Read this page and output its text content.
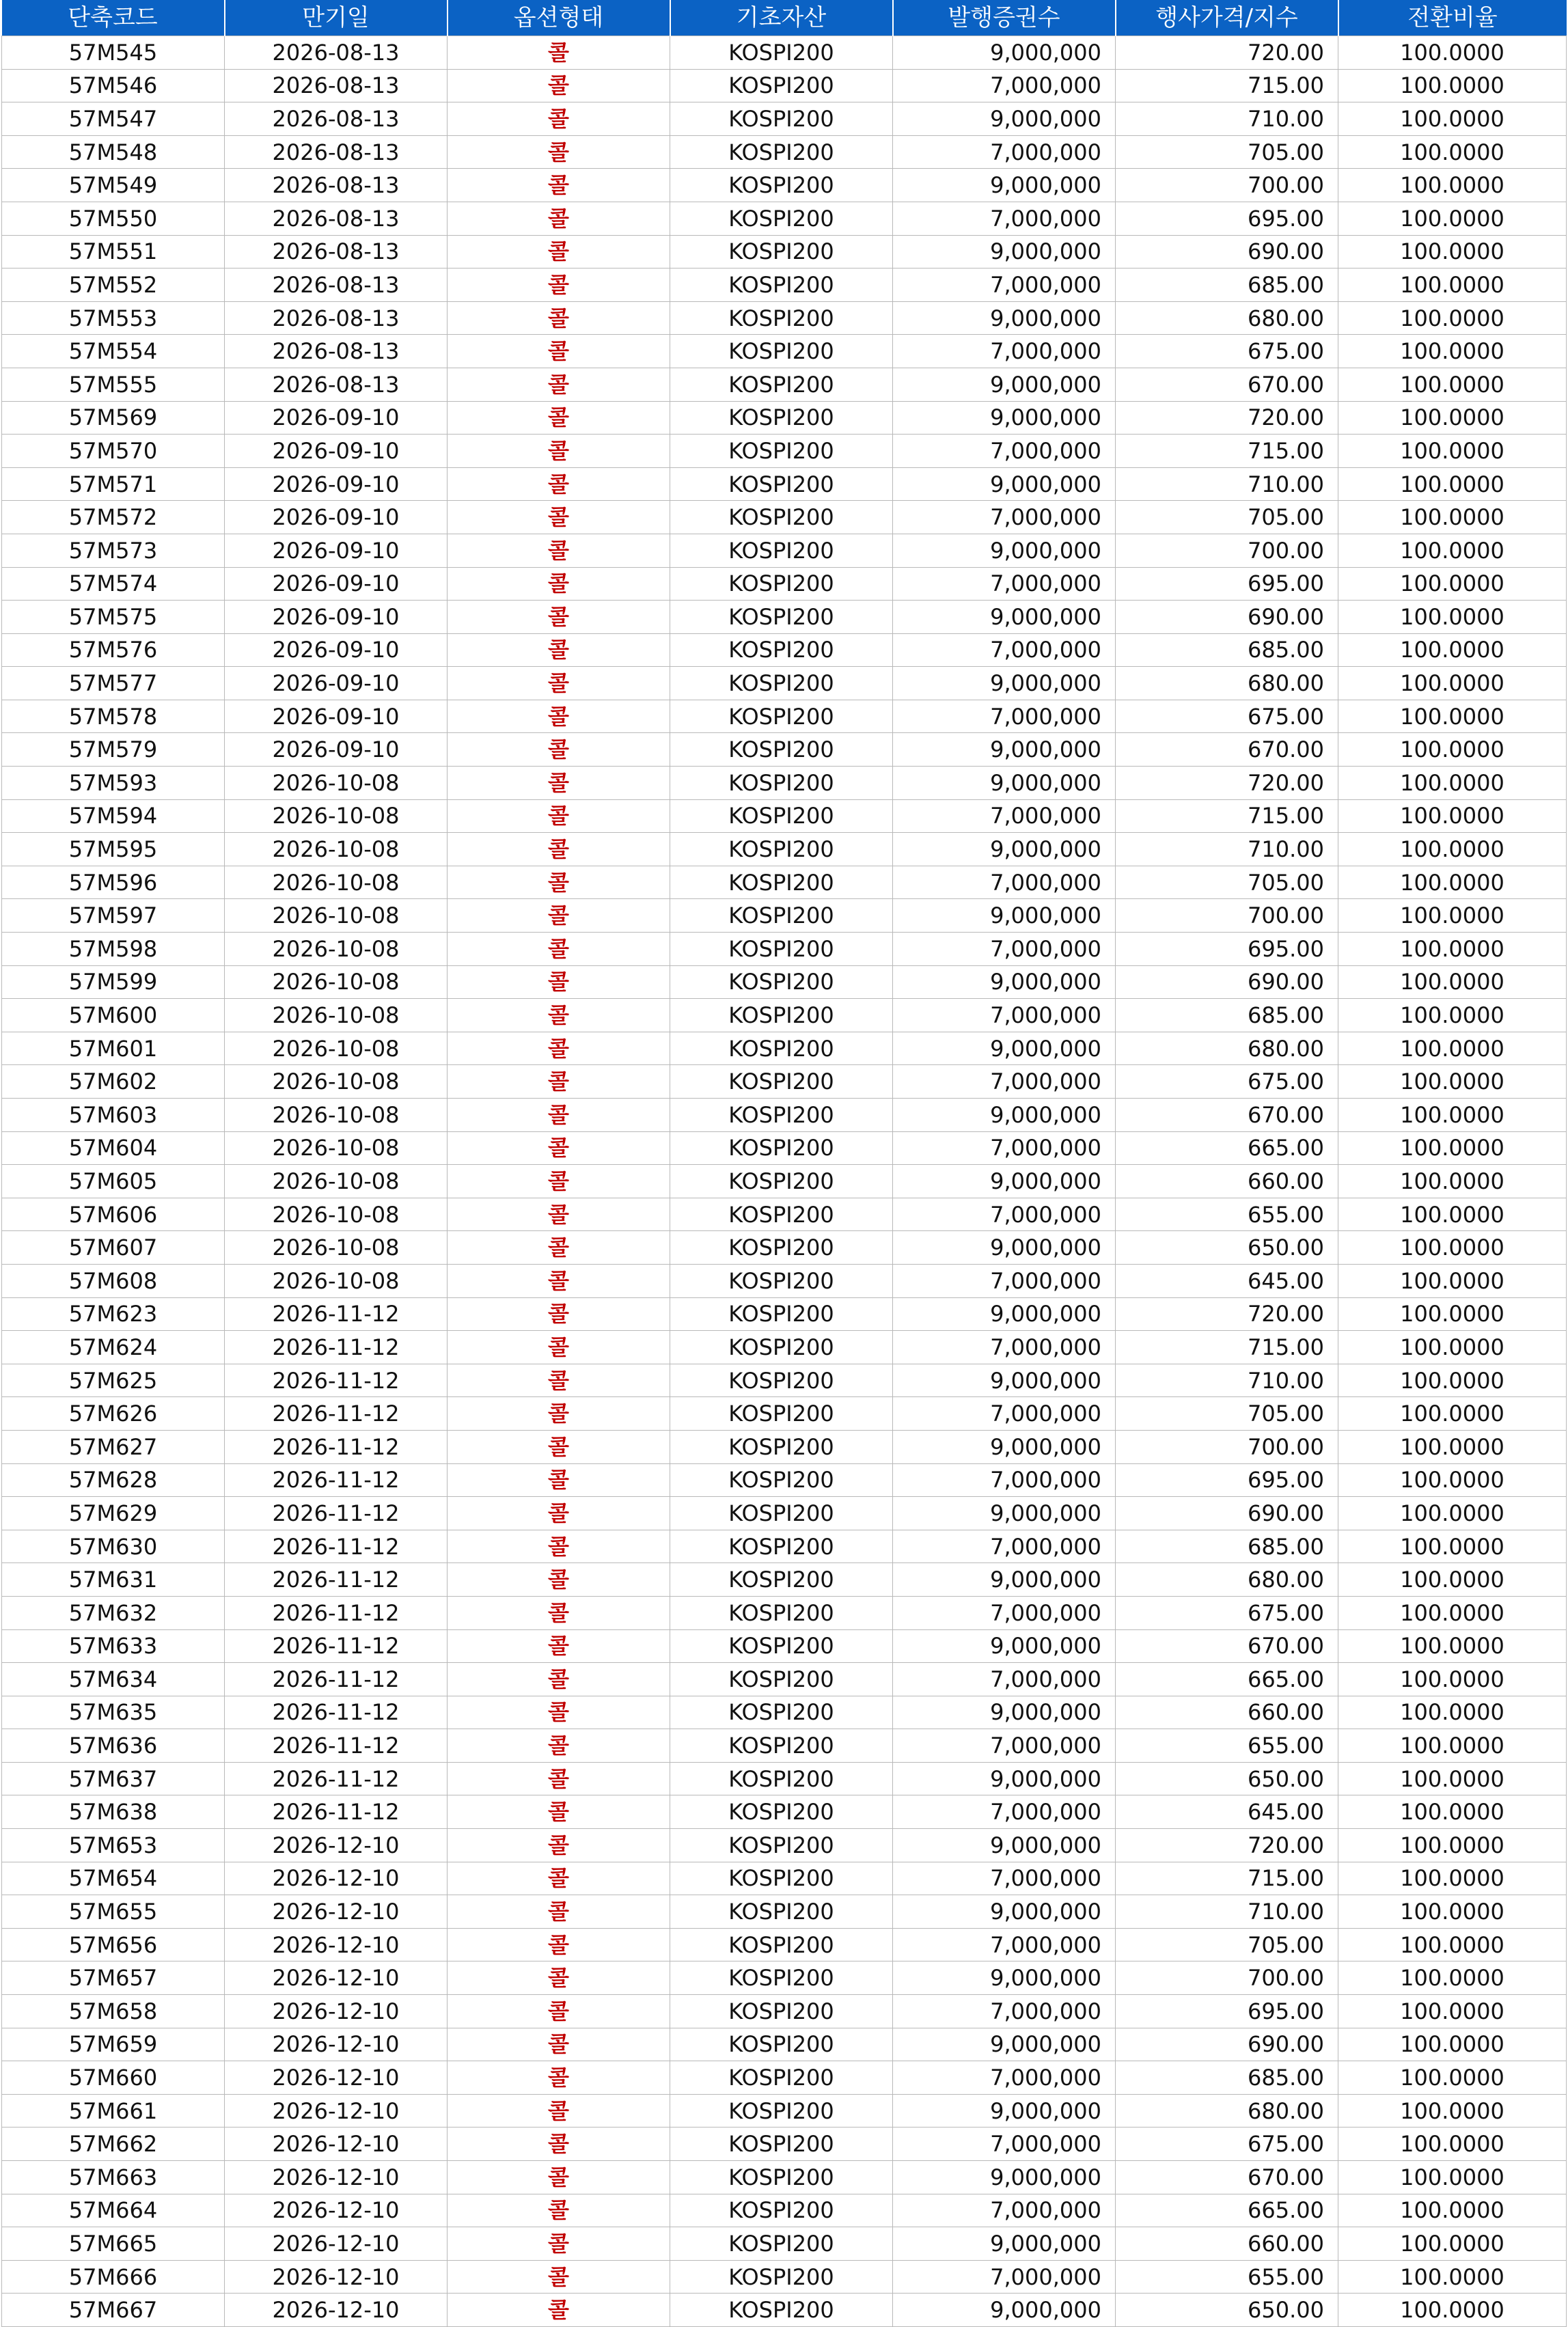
단축코드	만기일	옵션형태	기초자산	발행증권수	행사가격/지수	전환비율
57M545	2026-08-13	콜	KOSPI200	9,000,000	720.00	100.0000
57M546	2026-08-13	콜	KOSPI200	7,000,000	715.00	100.0000
57M547	2026-08-13	콜	KOSPI200	9,000,000	710.00	100.0000
57M548	2026-08-13	콜	KOSPI200	7,000,000	705.00	100.0000
57M549	2026-08-13	콜	KOSPI200	9,000,000	700.00	100.0000
57M550	2026-08-13	콜	KOSPI200	7,000,000	695.00	100.0000
57M551	2026-08-13	콜	KOSPI200	9,000,000	690.00	100.0000
57M552	2026-08-13	콜	KOSPI200	7,000,000	685.00	100.0000
57M553	2026-08-13	콜	KOSPI200	9,000,000	680.00	100.0000
57M554	2026-08-13	콜	KOSPI200	7,000,000	675.00	100.0000
57M555	2026-08-13	콜	KOSPI200	9,000,000	670.00	100.0000
57M569	2026-09-10	콜	KOSPI200	9,000,000	720.00	100.0000
57M570	2026-09-10	콜	KOSPI200	7,000,000	715.00	100.0000
57M571	2026-09-10	콜	KOSPI200	9,000,000	710.00	100.0000
57M572	2026-09-10	콜	KOSPI200	7,000,000	705.00	100.0000
57M573	2026-09-10	콜	KOSPI200	9,000,000	700.00	100.0000
57M574	2026-09-10	콜	KOSPI200	7,000,000	695.00	100.0000
57M575	2026-09-10	콜	KOSPI200	9,000,000	690.00	100.0000
57M576	2026-09-10	콜	KOSPI200	7,000,000	685.00	100.0000
57M577	2026-09-10	콜	KOSPI200	9,000,000	680.00	100.0000
57M578	2026-09-10	콜	KOSPI200	7,000,000	675.00	100.0000
57M579	2026-09-10	콜	KOSPI200	9,000,000	670.00	100.0000
57M593	2026-10-08	콜	KOSPI200	9,000,000	720.00	100.0000
57M594	2026-10-08	콜	KOSPI200	7,000,000	715.00	100.0000
57M595	2026-10-08	콜	KOSPI200	9,000,000	710.00	100.0000
57M596	2026-10-08	콜	KOSPI200	7,000,000	705.00	100.0000
57M597	2026-10-08	콜	KOSPI200	9,000,000	700.00	100.0000
57M598	2026-10-08	콜	KOSPI200	7,000,000	695.00	100.0000
57M599	2026-10-08	콜	KOSPI200	9,000,000	690.00	100.0000
57M600	2026-10-08	콜	KOSPI200	7,000,000	685.00	100.0000
57M601	2026-10-08	콜	KOSPI200	9,000,000	680.00	100.0000
57M602	2026-10-08	콜	KOSPI200	7,000,000	675.00	100.0000
57M603	2026-10-08	콜	KOSPI200	9,000,000	670.00	100.0000
57M604	2026-10-08	콜	KOSPI200	7,000,000	665.00	100.0000
57M605	2026-10-08	콜	KOSPI200	9,000,000	660.00	100.0000
57M606	2026-10-08	콜	KOSPI200	7,000,000	655.00	100.0000
57M607	2026-10-08	콜	KOSPI200	9,000,000	650.00	100.0000
57M608	2026-10-08	콜	KOSPI200	7,000,000	645.00	100.0000
57M623	2026-11-12	콜	KOSPI200	9,000,000	720.00	100.0000
57M624	2026-11-12	콜	KOSPI200	7,000,000	715.00	100.0000
57M625	2026-11-12	콜	KOSPI200	9,000,000	710.00	100.0000
57M626	2026-11-12	콜	KOSPI200	7,000,000	705.00	100.0000
57M627	2026-11-12	콜	KOSPI200	9,000,000	700.00	100.0000
57M628	2026-11-12	콜	KOSPI200	7,000,000	695.00	100.0000
57M629	2026-11-12	콜	KOSPI200	9,000,000	690.00	100.0000
57M630	2026-11-12	콜	KOSPI200	7,000,000	685.00	100.0000
57M631	2026-11-12	콜	KOSPI200	9,000,000	680.00	100.0000
57M632	2026-11-12	콜	KOSPI200	7,000,000	675.00	100.0000
57M633	2026-11-12	콜	KOSPI200	9,000,000	670.00	100.0000
57M634	2026-11-12	콜	KOSPI200	7,000,000	665.00	100.0000
57M635	2026-11-12	콜	KOSPI200	9,000,000	660.00	100.0000
57M636	2026-11-12	콜	KOSPI200	7,000,000	655.00	100.0000
57M637	2026-11-12	콜	KOSPI200	9,000,000	650.00	100.0000
57M638	2026-11-12	콜	KOSPI200	7,000,000	645.00	100.0000
57M653	2026-12-10	콜	KOSPI200	9,000,000	720.00	100.0000
57M654	2026-12-10	콜	KOSPI200	7,000,000	715.00	100.0000
57M655	2026-12-10	콜	KOSPI200	9,000,000	710.00	100.0000
57M656	2026-12-10	콜	KOSPI200	7,000,000	705.00	100.0000
57M657	2026-12-10	콜	KOSPI200	9,000,000	700.00	100.0000
57M658	2026-12-10	콜	KOSPI200	7,000,000	695.00	100.0000
57M659	2026-12-10	콜	KOSPI200	9,000,000	690.00	100.0000
57M660	2026-12-10	콜	KOSPI200	7,000,000	685.00	100.0000
57M661	2026-12-10	콜	KOSPI200	9,000,000	680.00	100.0000
57M662	2026-12-10	콜	KOSPI200	7,000,000	675.00	100.0000
57M663	2026-12-10	콜	KOSPI200	9,000,000	670.00	100.0000
57M664	2026-12-10	콜	KOSPI200	7,000,000	665.00	100.0000
57M665	2026-12-10	콜	KOSPI200	9,000,000	660.00	100.0000
57M666	2026-12-10	콜	KOSPI200	7,000,000	655.00	100.0000
57M667	2026-12-10	콜	KOSPI200	9,000,000	650.00	100.0000
